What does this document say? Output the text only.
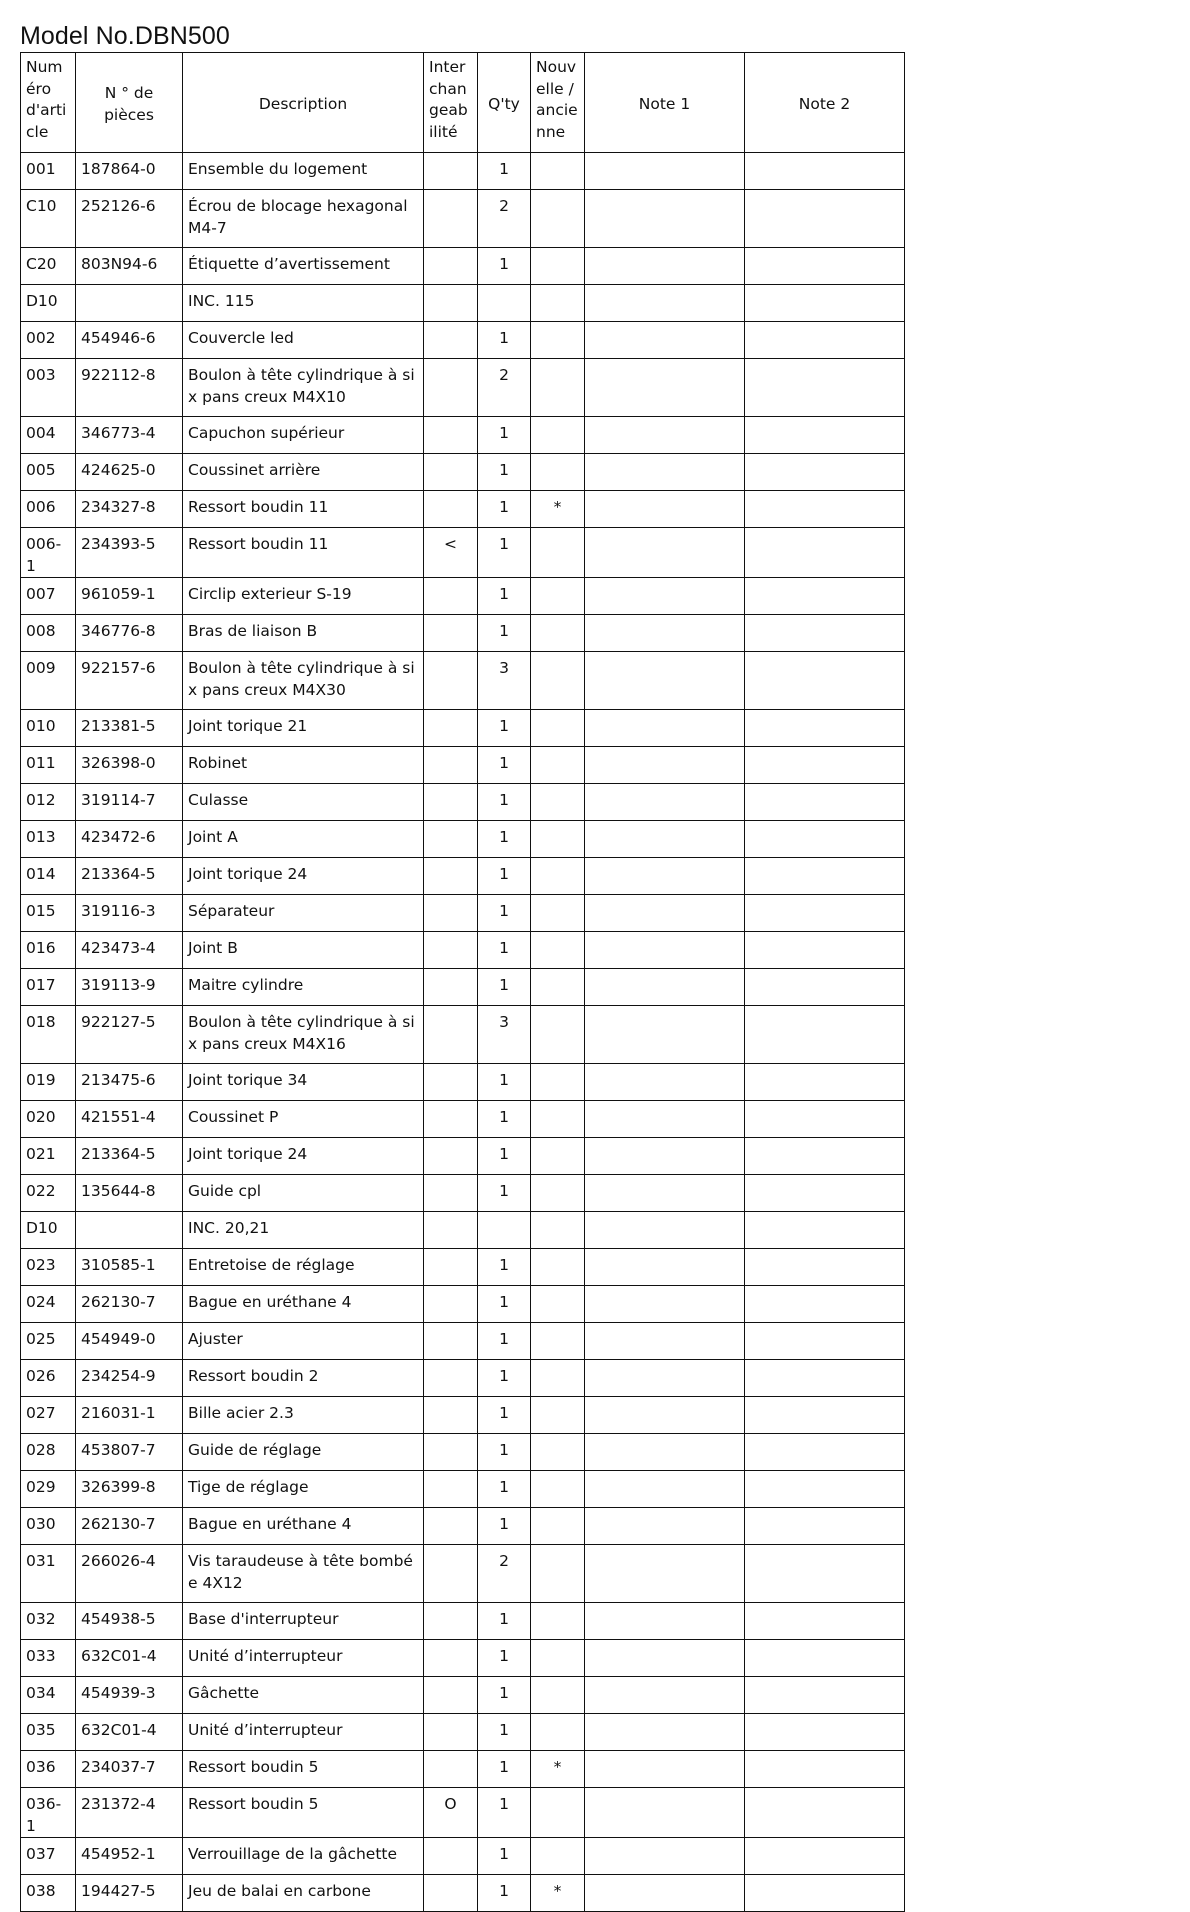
Model No.DBN500
Numéro d'article	N ° de pièces	Description	Interchangeabilité	Q'ty	Nouvelle / ancienne	Note 1	Note 2
001	187864-0	Ensemble du logement		1			
C10	252126-6	Écrou de blocage hexagonal M4-7		2			
C20	803N94-6	Étiquette d’avertissement		1			
D10		INC. 115					
002	454946-6	Couvercle led		1			
003	922112-8	Boulon à tête cylindrique à six pans creux M4X10		2			
004	346773-4	Capuchon supérieur		1			
005	424625-0	Coussinet arrière		1			
006	234327-8	Ressort boudin 11		1	*		
006-1	234393-5	Ressort boudin 11	<	1			
007	961059-1	Circlip exterieur S-19		1			
008	346776-8	Bras de liaison B		1			
009	922157-6	Boulon à tête cylindrique à six pans creux M4X30		3			
010	213381-5	Joint torique 21		1			
011	326398-0	Robinet		1			
012	319114-7	Culasse		1			
013	423472-6	Joint A		1			
014	213364-5	Joint torique 24		1			
015	319116-3	Séparateur		1			
016	423473-4	Joint B		1			
017	319113-9	Maitre cylindre		1			
018	922127-5	Boulon à tête cylindrique à six pans creux M4X16		3			
019	213475-6	Joint torique 34		1			
020	421551-4	Coussinet P		1			
021	213364-5	Joint torique 24		1			
022	135644-8	Guide cpl		1			
D10		INC. 20,21					
023	310585-1	Entretoise de réglage		1			
024	262130-7	Bague en uréthane 4		1			
025	454949-0	Ajuster		1			
026	234254-9	Ressort boudin 2		1			
027	216031-1	Bille acier 2.3		1			
028	453807-7	Guide de réglage		1			
029	326399-8	Tige de réglage		1			
030	262130-7	Bague en uréthane 4		1			
031	266026-4	Vis taraudeuse à tête bombée 4X12		2			
032	454938-5	Base d'interrupteur		1			
033	632C01-4	Unité d’interrupteur		1			
034	454939-3	Gâchette		1			
035	632C01-4	Unité d’interrupteur		1			
036	234037-7	Ressort boudin 5		1	*		
036-1	231372-4	Ressort boudin 5	O	1			
037	454952-1	Verrouillage de la gâchette		1			
038	194427-5	Jeu de balai en carbone		1	*		
